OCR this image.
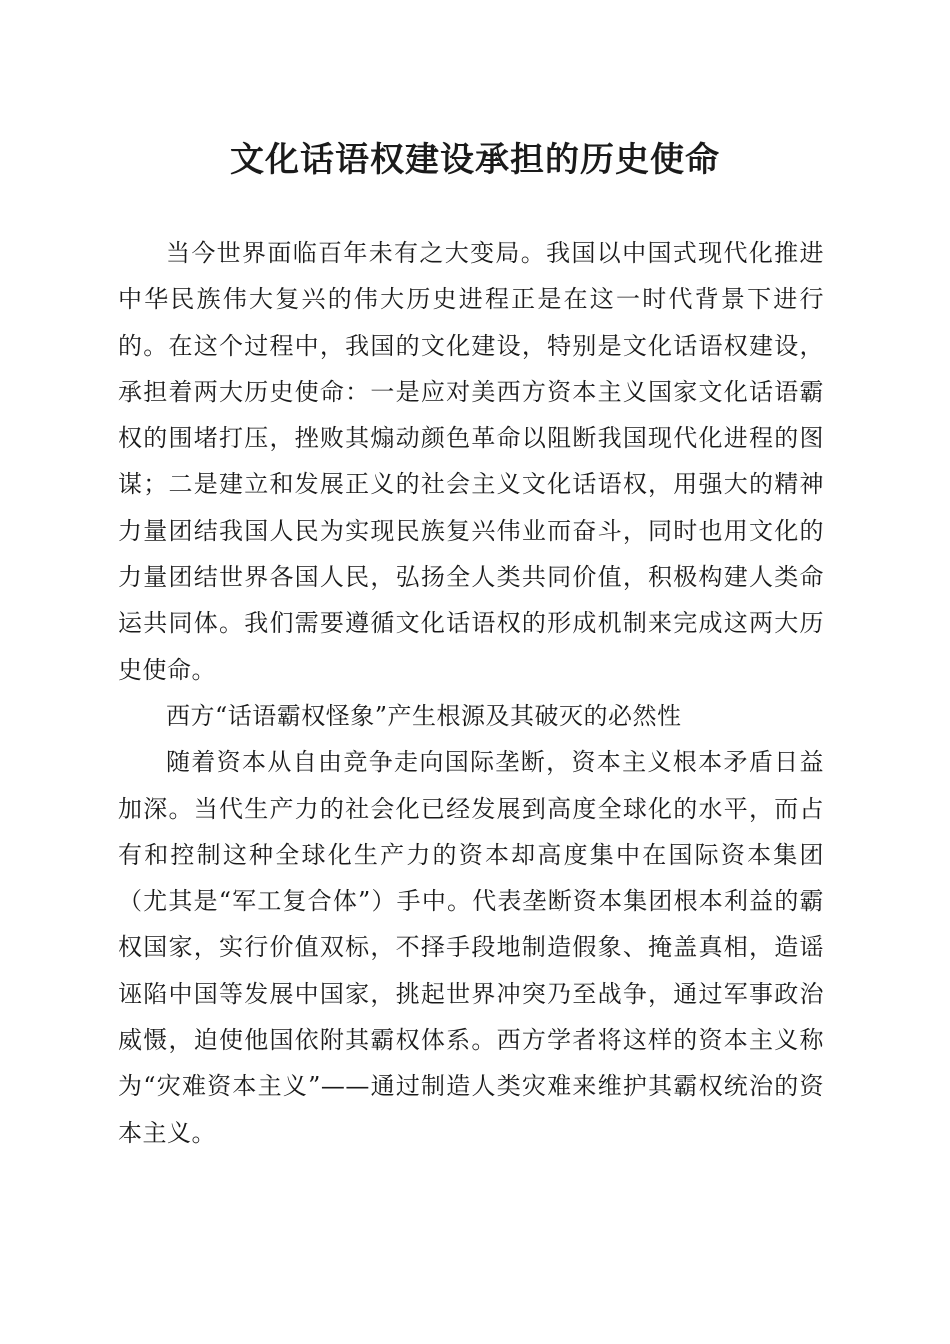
文化话语权建设承担的历史使命

当今世界面临百年未有之大变局。我国以中国式现代化推进中华民族伟大复兴的伟大历史进程正是在这一时代背景下进行的。在这个过程中，我国的文化建设，特别是文化话语权建设，承担着两大历史使命：一是应对美西方资本主义国家文化话语霸权的围堵打压，挫败其煽动颜色革命以阻断我国现代化进程的图谋；二是建立和发展正义的社会主义文化话语权，用强大的精神力量团结我国人民为实现民族复兴伟业而奋斗，同时也用文化的力量团结世界各国人民，弘扬全人类共同价值，积极构建人类命运共同体。我们需要遵循文化话语权的形成机制来完成这两大历史使命。

西方“话语霸权怪象”产生根源及其破灭的必然性

随着资本从自由竞争走向国际垄断，资本主义根本矛盾日益加深。当代生产力的社会化已经发展到高度全球化的水平，而占有和控制这种全球化生产力的资本却高度集中在国际资本集团（尤其是“军工复合体”）手中。代表垄断资本集团根本利益的霸权国家，实行价值双标，不择手段地制造假象、掩盖真相，造谣诬陷中国等发展中国家，挑起世界冲突乃至战争，通过军事政治威慑，迫使他国依附其霸权体系。西方学者将这样的资本主义称为“灾难资本主义”——通过制造人类灾难来维护其霸权统治的资本主义。
